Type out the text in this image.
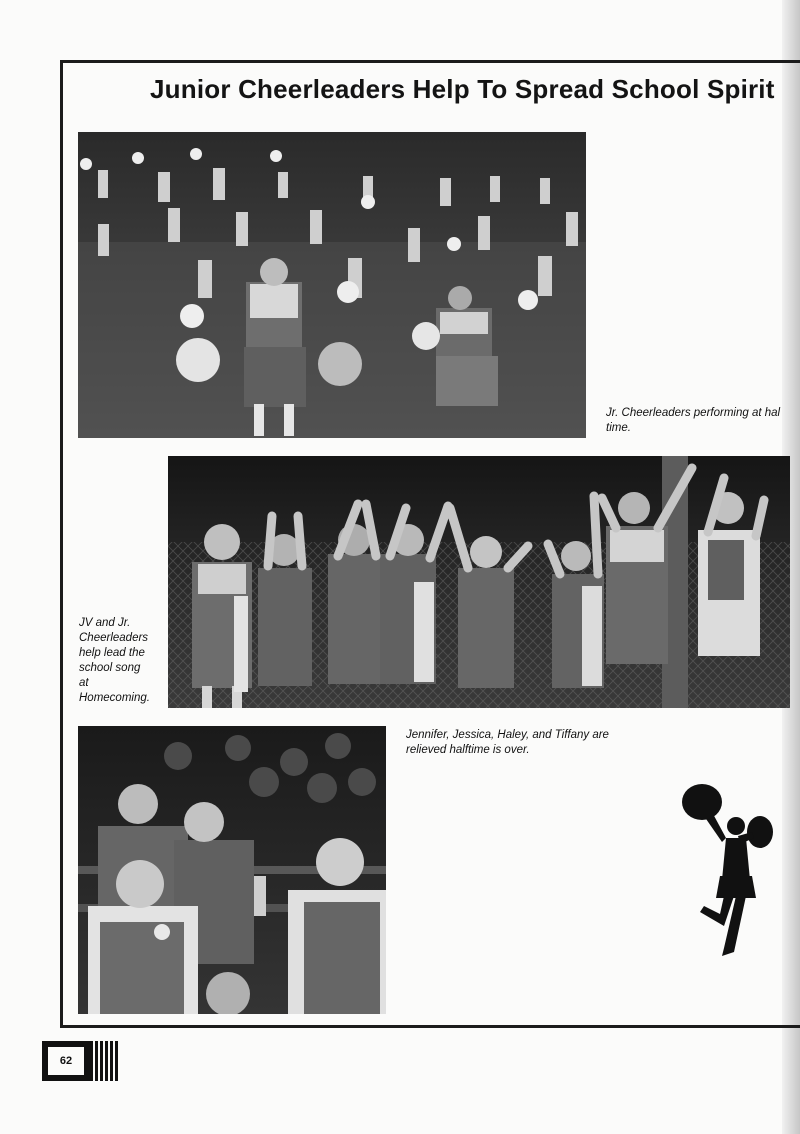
Junior Cheerleaders Help To Spread School Spirit
Jr. Cheerleaders performing at hal
time.
JV and Jr.
Cheerleaders
help lead the
school song
at
Homecoming.
Jennifer, Jessica, Haley, and Tiffany are
relieved halftime is over.
62
